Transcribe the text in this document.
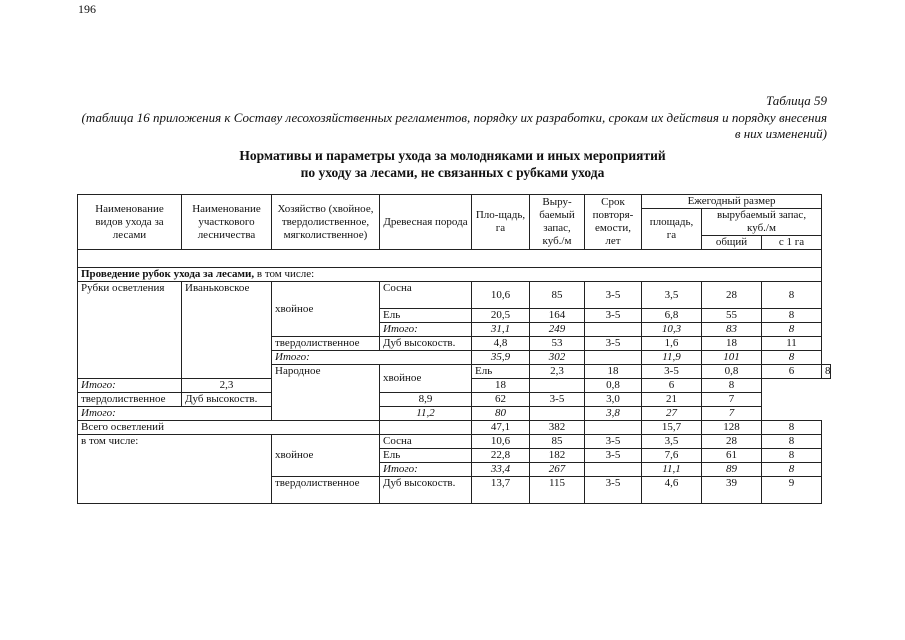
196
Таблица 59
(таблица 16 приложения к Составу лесохозяйственных регламентов, порядку их разработки, срокам их действия и порядку внесения в них изменений)
Нормативы и параметры ухода за молодняками и иных мероприятий
по уходу за лесами, не связанных с рубками ухода
Наименование видов ухода за лесами	Наименование участкового лесничества	Хозяйство (хвойное, твердолиственное, мягколиственное)	Древесная порода	Пло-щадь, га	Выру-баемый запас, куб./м	Срок повторя-емости, лет	Ежегодный размер			
							площадь, га	вырубаемый запас, куб./м		
								общий	с 1 га	

Проведение рубок ухода за лесами, в том числе:										
Рубки осветления	Иваньковское	хвойное	Сосна	10,6	85	3-5	3,5	28	8	
			Ель	20,5	164	3-5	6,8	55	8	
			Итого:	31,1	249		10,3	83	8	
		твердолиственное	Дуб высокоств.	4,8	53	3-5	1,6	18	11	
		Итого:		35,9	302		11,9	101	8	
		Народное	хвойное	Ель	2,3	18	3-5	0,8	6	8
Итого:	2,3			18		0,8	6	8		
твердолиственное	Дуб высокоств.		8,9	62	3-5	3,0	21	7		
Итого:			11,2	80		3,8	27	7		
Всего осветлений				47,1	382		15,7	128	8	
в том числе:		хвойное	Сосна	10,6	85	3-5	3,5	28	8	
			Ель	22,8	182	3-5	7,6	61	8	
			Итого:	33,4	267		11,1	89	8	
		твердолиственное	Дуб высокоств.	13,7	115	3-5	4,6	39	9	
